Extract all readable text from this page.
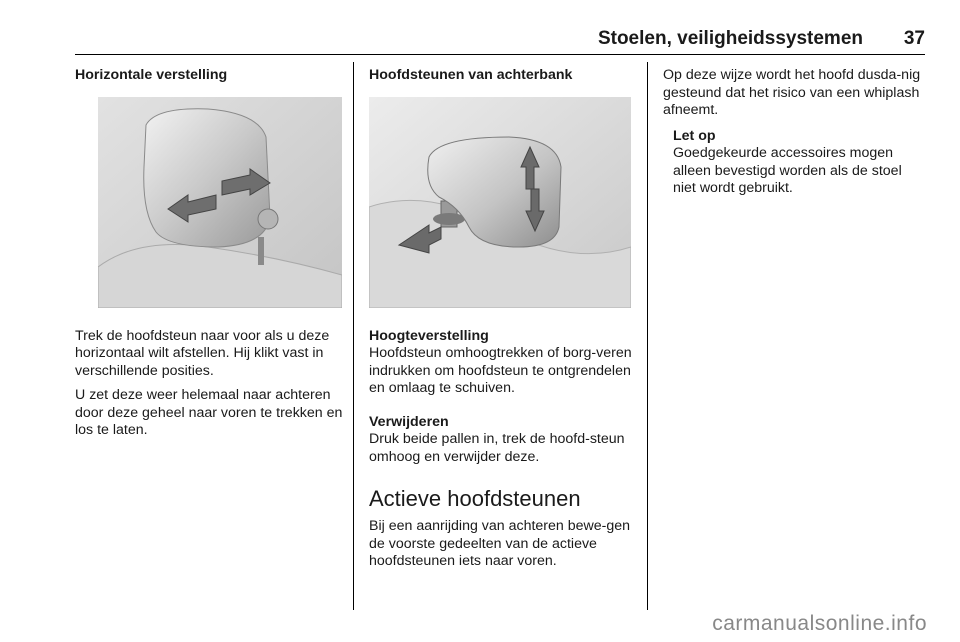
Stoelen, veiligheidssystemen 37
Horizontale verstelling

Trek de hoofdsteun naar voor als u deze horizontaal wilt afstellen. Hij klikt vast in verschillende posities.

U zet deze weer helemaal naar achteren door deze geheel naar voren te trekken en los te laten.

Hoofdsteunen van achterbank

Hoogteverstelling

Hoofdsteun omhoogtrekken of borg-veren indrukken om hoofdsteun te ontgrendelen en omlaag te schuiven.

Verwijderen

Druk beide pallen in, trek de hoofd-steun omhoog en verwijder deze.

Actieve hoofdsteunen

Bij een aanrijding van achteren bewe-gen de voorste gedeelten van de actieve hoofdsteunen iets naar voren.

Op deze wijze wordt het hoofd dusda-nig gesteund dat het risico van een whiplash afneemt.

Let op

Goedgekeurde accessoires mogen alleen bevestigd worden als de stoel niet wordt gebruikt.

carmanualsonline.info
